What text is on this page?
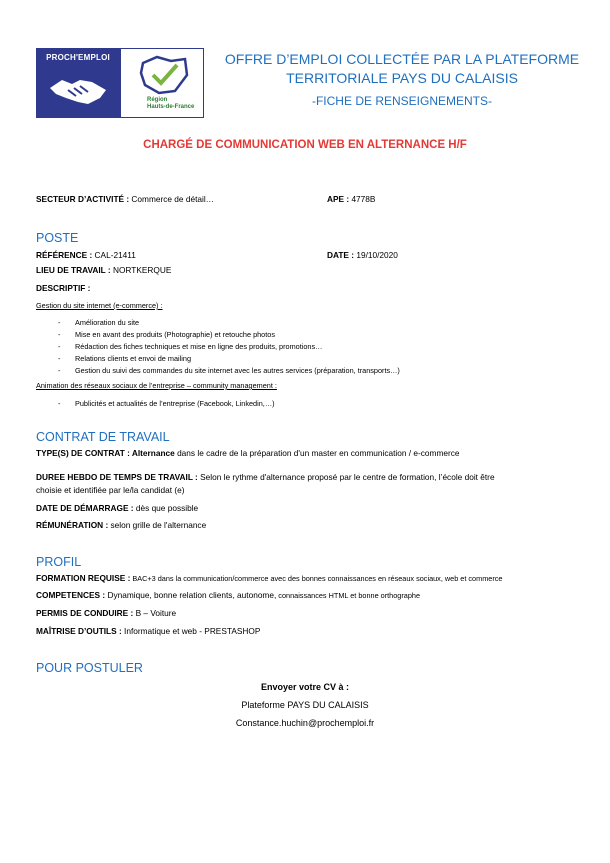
PROCH'EMPLOI
Région
Hauts-de-France
OFFRE D’EMPLOI COLLECTÉE PAR LA PLATEFORME
TERRITORIALE PAYS DU CALAISIS
-FICHE DE RENSEIGNEMENTS-
CHARGÉ DE COMMUNICATION WEB EN ALTERNANCE H/F
SECTEUR D’ACTIVITÉ : Commerce de détail…	APE : 4778B
POSTE
RÉFÉRENCE : CAL-21411	DATE : 19/10/2020
LIEU DE TRAVAIL : NORTKERQUE
DESCRIPTIF :
Gestion du site internet (e-commerce) :
- Amélioration du site
- Mise en avant des produits (Photographie) et retouche photos
- Rédaction des fiches techniques et mise en ligne des produits, promotions…
- Relations clients et envoi de mailing
- Gestion du suivi des commandes du site internet avec les autres services (préparation, transports…)
Animation des réseaux sociaux de l’entreprise – community management :
- Publicités et actualités de l’entreprise (Facebook, Linkedin,…)
CONTRAT DE TRAVAIL
TYPE(S) DE CONTRAT : Alternance dans le cadre de la préparation d'un master en communication / e-commerce
DUREE HEBDO DE TEMPS DE TRAVAIL : Selon le rythme d'alternance proposé par le centre de formation, l’école doit être
choisie et identifiée par le/la candidat (e)
DATE DE DÉMARRAGE : dès que possible
RÉMUNÉRATION : selon grille de l'alternance
PROFIL
FORMATION REQUISE : BAC+3 dans la communication/commerce avec des bonnes connaissances en réseaux sociaux, web et commerce
COMPETENCES : Dynamique, bonne relation clients, autonome, connaissances HTML et bonne orthographe
PERMIS DE CONDUIRE : B – Voiture
MAÎTRISE D’OUTILS : Informatique et web - PRESTASHOP
POUR POSTULER
Envoyer votre CV à :
Plateforme PAYS DU CALAISIS
Constance.huchin@prochemploi.fr
